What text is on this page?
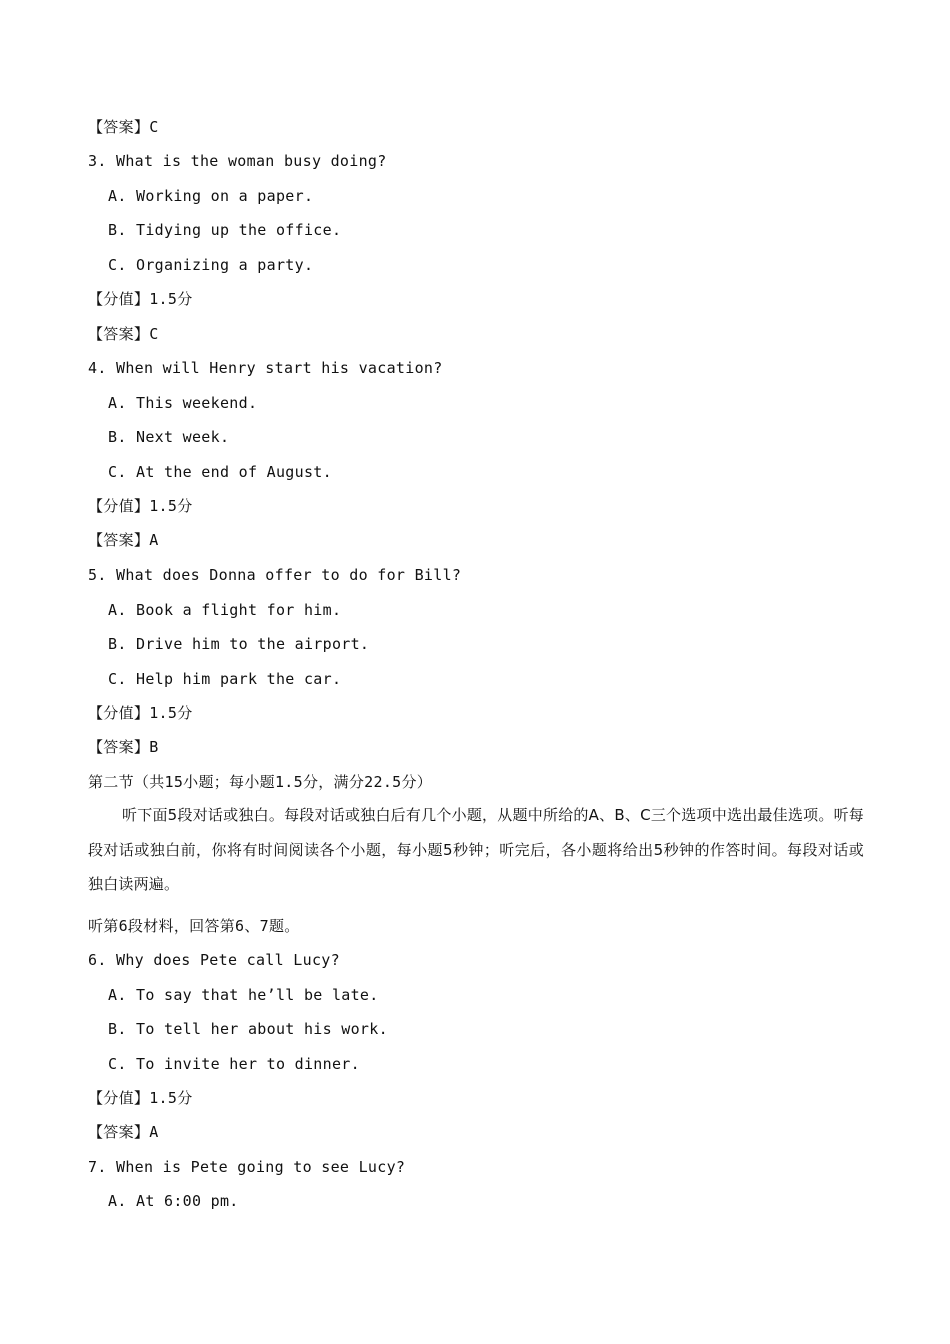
【答案】C
3. What is the woman busy doing?
A. Working on a paper.
B. Tidying up the office.
C. Organizing a party.
【分值】1.5分
【答案】C
4. When will Henry start his vacation?
A. This weekend.
B. Next week.
C. At the end of August.
【分值】1.5分
【答案】A
5. What does Donna offer to do for Bill?
A. Book a flight for him.
B. Drive him to the airport.
C. Help him park the car.
【分值】1.5分
【答案】B
第二节（共15小题；每小题1.5分，满分22.5分）
听下面5段对话或独白。每段对话或独白后有几个小题，从题中所给的A、B、C三个选项中选出最佳选项。听每段对话或独白前，你将有时间阅读各个小题，每小题5秒钟；听完后，各小题将给出5秒钟的作答时间。每段对话或独白读两遍。
听第6段材料，回答第6、7题。
6. Why does Pete call Lucy?
A. To say that he’ll be late.
B. To tell her about his work.
C. To invite her to dinner.
【分值】1.5分
【答案】A
7. When is Pete going to see Lucy?
A. At 6:00 pm.
